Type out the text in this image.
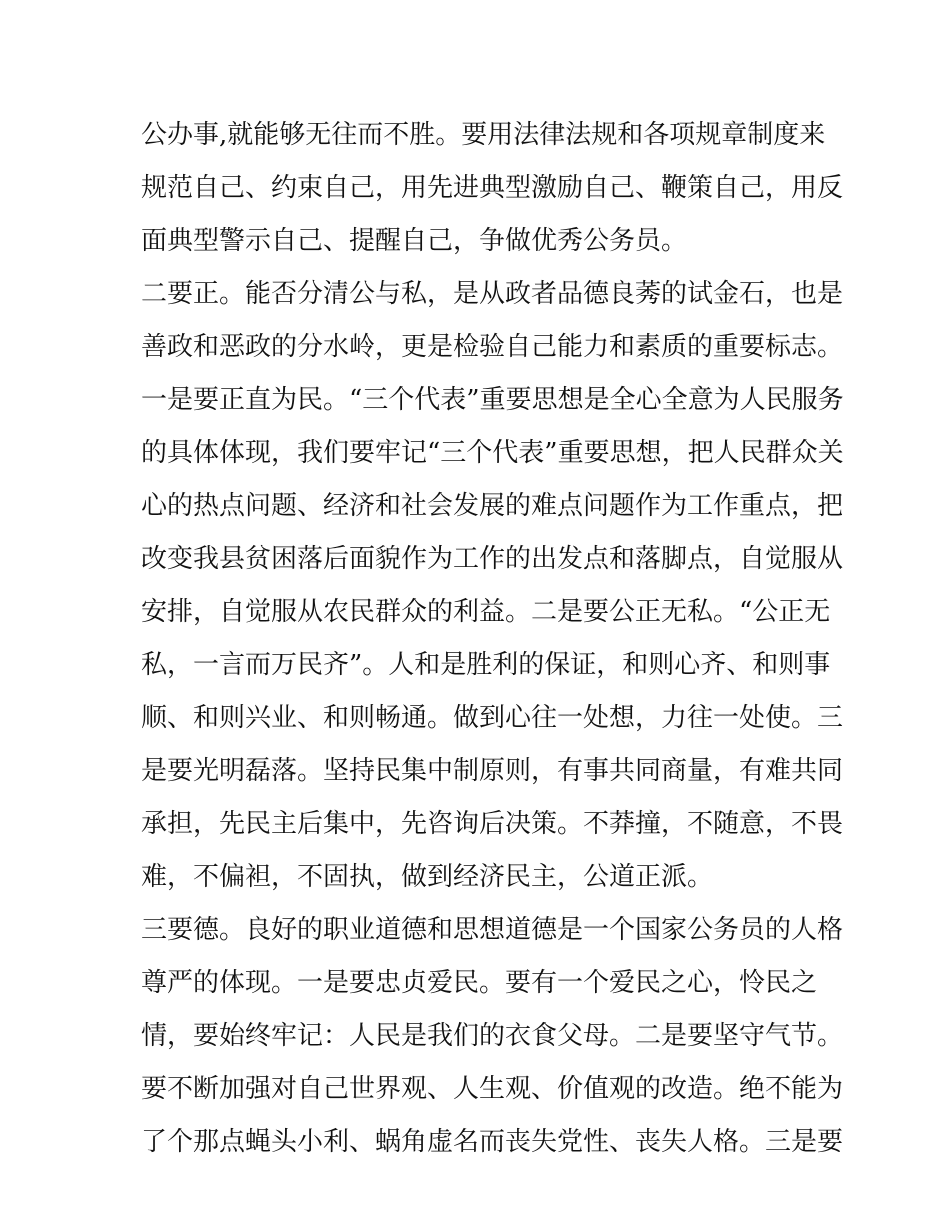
公办事,就能够无往而不胜。要用法律法规和各项规章制度来
规范自己、约束自己，用先进典型激励自己、鞭策自己，用反
面典型警示自己、提醒自己，争做优秀公务员。
二要正。能否分清公与私，是从政者品德良莠的试金石，也是
善政和恶政的分水岭，更是检验自己能力和素质的重要标志。
一是要正直为民。“三个代表”重要思想是全心全意为人民服务
的具体体现，我们要牢记“三个代表”重要思想，把人民群众关
心的热点问题、经济和社会发展的难点问题作为工作重点，把
改变我县贫困落后面貌作为工作的出发点和落脚点，自觉服从
安排，自觉服从农民群众的利益。二是要公正无私。“公正无
私，一言而万民齐”。人和是胜利的保证，和则心齐、和则事
顺、和则兴业、和则畅通。做到心往一处想，力往一处使。三
是要光明磊落。坚持民集中制原则，有事共同商量，有难共同
承担，先民主后集中，先咨询后决策。不莽撞，不随意，不畏
难，不偏袒，不固执，做到经济民主，公道正派。
三要德。良好的职业道德和思想道德是一个国家公务员的人格
尊严的体现。一是要忠贞爱民。要有一个爱民之心，怜民之
情，要始终牢记：人民是我们的衣食父母。二是要坚守气节。
要不断加强对自己世界观、人生观、价值观的改造。绝不能为
了个那点蝇头小利、蜗角虚名而丧失党性、丧失人格。三是要
